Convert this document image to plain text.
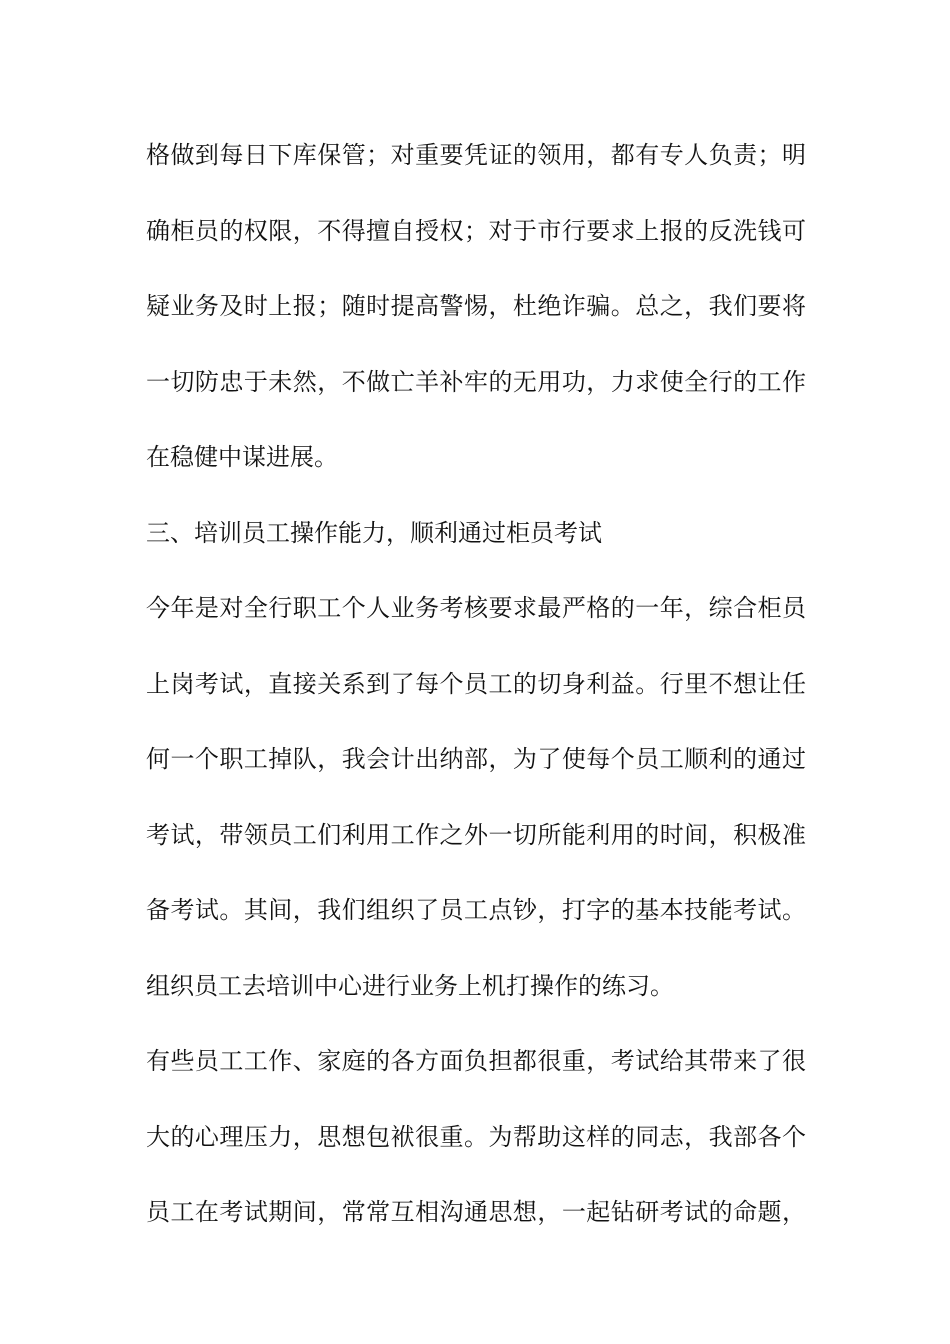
格做到每日下库保管；对重要凭证的领用，都有专人负责；明
确柜员的权限，不得擅自授权；对于市行要求上报的反洗钱可
疑业务及时上报；随时提高警惕，杜绝诈骗。总之，我们要将
一切防忠于未然，不做亡羊补牢的无用功，力求使全行的工作
在稳健中谋进展。
三、培训员工操作能力，顺利通过柜员考试
今年是对全行职工个人业务考核要求最严格的一年，综合柜员
上岗考试，直接关系到了每个员工的切身利益。行里不想让任
何一个职工掉队，我会计出纳部，为了使每个员工顺利的通过
考试，带领员工们利用工作之外一切所能利用的时间，积极准
备考试。其间，我们组织了员工点钞，打字的基本技能考试。
组织员工去培训中心进行业务上机打操作的练习。
有些员工工作、家庭的各方面负担都很重，考试给其带来了很
大的心理压力，思想包袱很重。为帮助这样的同志，我部各个
员工在考试期间，常常互相沟通思想，一起钻研考试的命题，
